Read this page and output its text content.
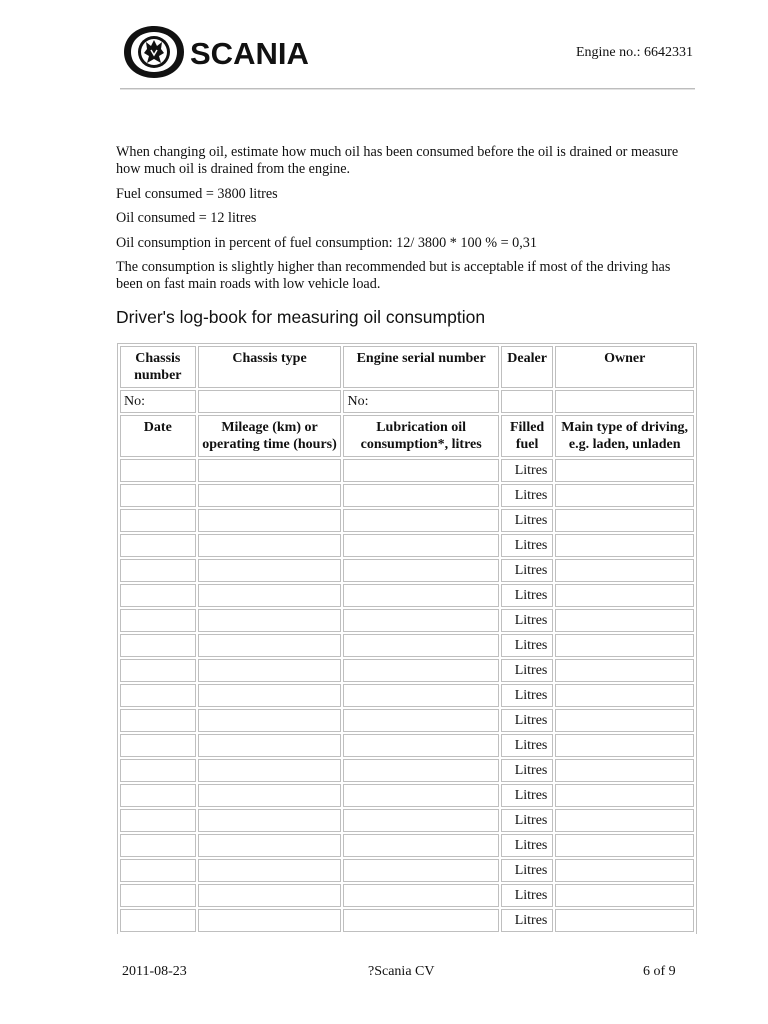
SCANIA	Engine no.: 6642331

When changing oil, estimate how much oil has been consumed before the oil is drained or measure how much oil is drained from the engine.

Fuel consumed = 3800 litres

Oil consumed = 12 litres

Oil consumption in percent of fuel consumption: 12/ 3800 * 100 % = 0,31

The consumption is slightly higher than recommended but is acceptable if most of the driving has been on fast main roads with low vehicle load.

Driver's log-book for measuring oil consumption
Chassis number	Chassis type	Engine serial number	Dealer	Owner
No:		No:		
Date	Mileage (km) or operating time (hours)	Lubrication oil consumption*, litres	Filled fuel	Main type of driving, e.g. laden, unladen
			Litres	
			Litres	
			Litres	
			Litres	
			Litres	
			Litres	
			Litres	
			Litres	
			Litres	
			Litres	
			Litres	
			Litres	
			Litres	
			Litres	
			Litres	
			Litres	
			Litres	
			Litres	
			Litres	

2011-08-23	?Scania CV	6 of 9
